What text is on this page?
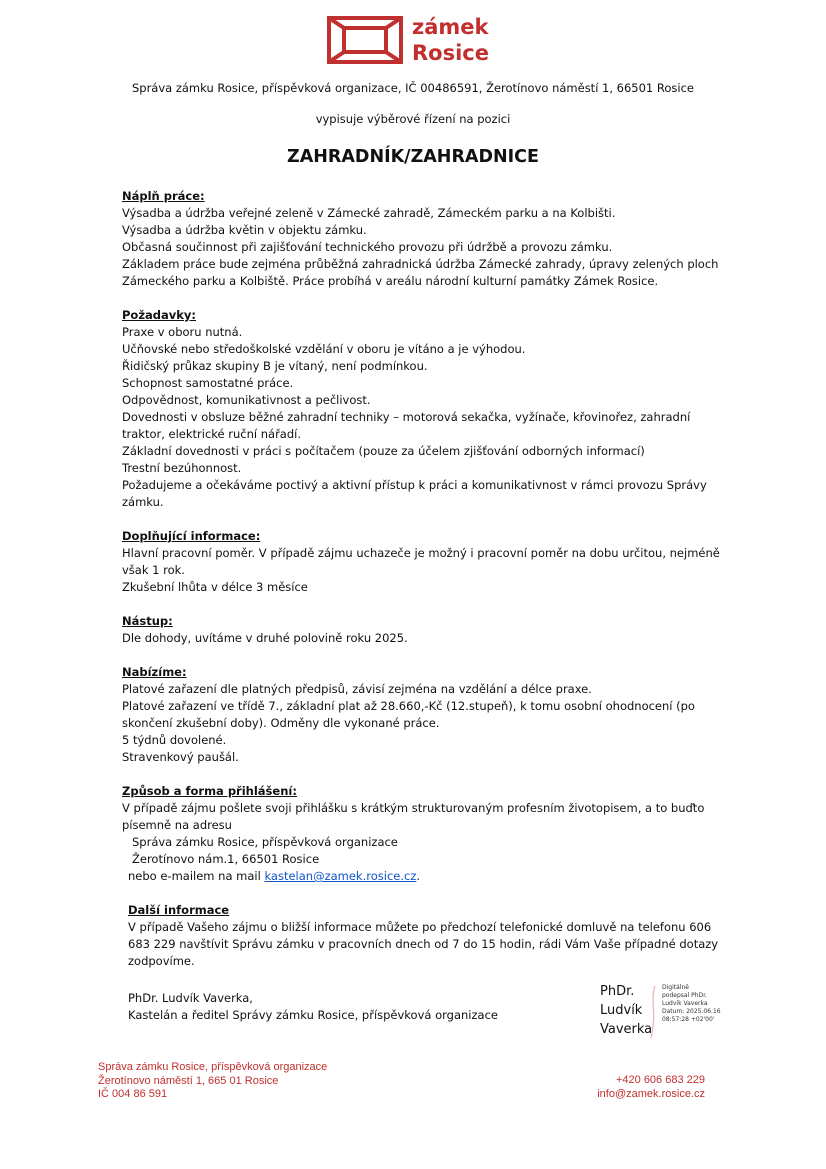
zámek
Rosice
Správa zámku Rosice, příspěvková organizace, IČ 00486591, Žerotínovo náměstí 1, 66501 Rosice
vypisuje výběrové řízení na pozici
ZAHRADNÍK/ZAHRADNICE
Náplň práce:
Výsadba a údržba veřejné zeleně v Zámecké zahradě, Zámeckém parku a na Kolbišti.
Výsadba a údržba květin v objektu zámku.
Občasná součinnost při zajišťování technického provozu při údržbě a provozu zámku.
Základem práce bude zejména průběžná zahradnická údržba Zámecké zahrady, úpravy zelených ploch Zámeckého parku a Kolbiště. Práce probíhá v areálu národní kulturní památky Zámek Rosice.
Požadavky:
Praxe v oboru nutná.
Učňovské nebo středoškolské vzdělání v oboru je vítáno a je výhodou.
Řidičský průkaz skupiny B je vítaný, není podmínkou.
Schopnost samostatné práce.
Odpovědnost, komunikativnost a pečlivost.
Dovednosti v obsluze běžné zahradní techniky – motorová sekačka, vyžínače, křovinořez, zahradní traktor, elektrické ruční nářadí.
Základní dovednosti v práci s počítačem (pouze za účelem zjišťování odborných informací)
Trestní bezúhonnost.
Požadujeme a očekáváme poctivý a aktivní přístup k práci a komunikativnost v rámci provozu Správy zámku.
Doplňující informace:
Hlavní pracovní poměr. V případě zájmu uchazeče je možný i pracovní poměr na dobu určitou, nejméně však 1 rok.
Zkušební lhůta v délce 3 měsíce
Nástup:
Dle dohody, uvítáme v druhé polovině roku 2025.
Nabízíme:
Platové zařazení dle platných předpisů, závisí zejména na vzdělání a délce praxe.
Platové zařazení ve třídě 7., základní plat až 28.660,-Kč (12.stupeň), k tomu osobní ohodnocení (po skončení zkušební doby). Odměny dle vykonané práce.
5 týdnů dovolené.
Stravenkový paušál.
Způsob a forma přihlášení:
V případě zájmu pošlete svoji přihlášku s krátkým strukturovaným profesním životopisem, a to buďto písemně na adresu
Správa zámku Rosice, příspěvková organizace
Žerotínovo nám.1, 66501 Rosice
nebo e-mailem na mail kastelan@zamek.rosice.cz.
Další informace
V případě Vašeho zájmu o bližší informace můžete po předchozí telefonické domluvě na telefonu 606 683 229 navštívit Správu zámku v pracovních dnech od 7 do 15 hodin, rádi Vám Vaše případné dotazy zodpovíme.
PhDr. Ludvík Vaverka,
Kastelán a ředitel Správy zámku Rosice, příspěvková organizace
PhDr.
Ludvík
Vaverka
Digitálně
podepsal PhDr.
Ludvík Vaverka
Datum: 2025.06.16
08:57:28 +02'00'
Správa zámku Rosice, příspěvková organizace
Žerotínovo náměstí 1, 665 01 Rosice
IČ 004 86 591
+420 606 683 229
info@zamek.rosice.cz
